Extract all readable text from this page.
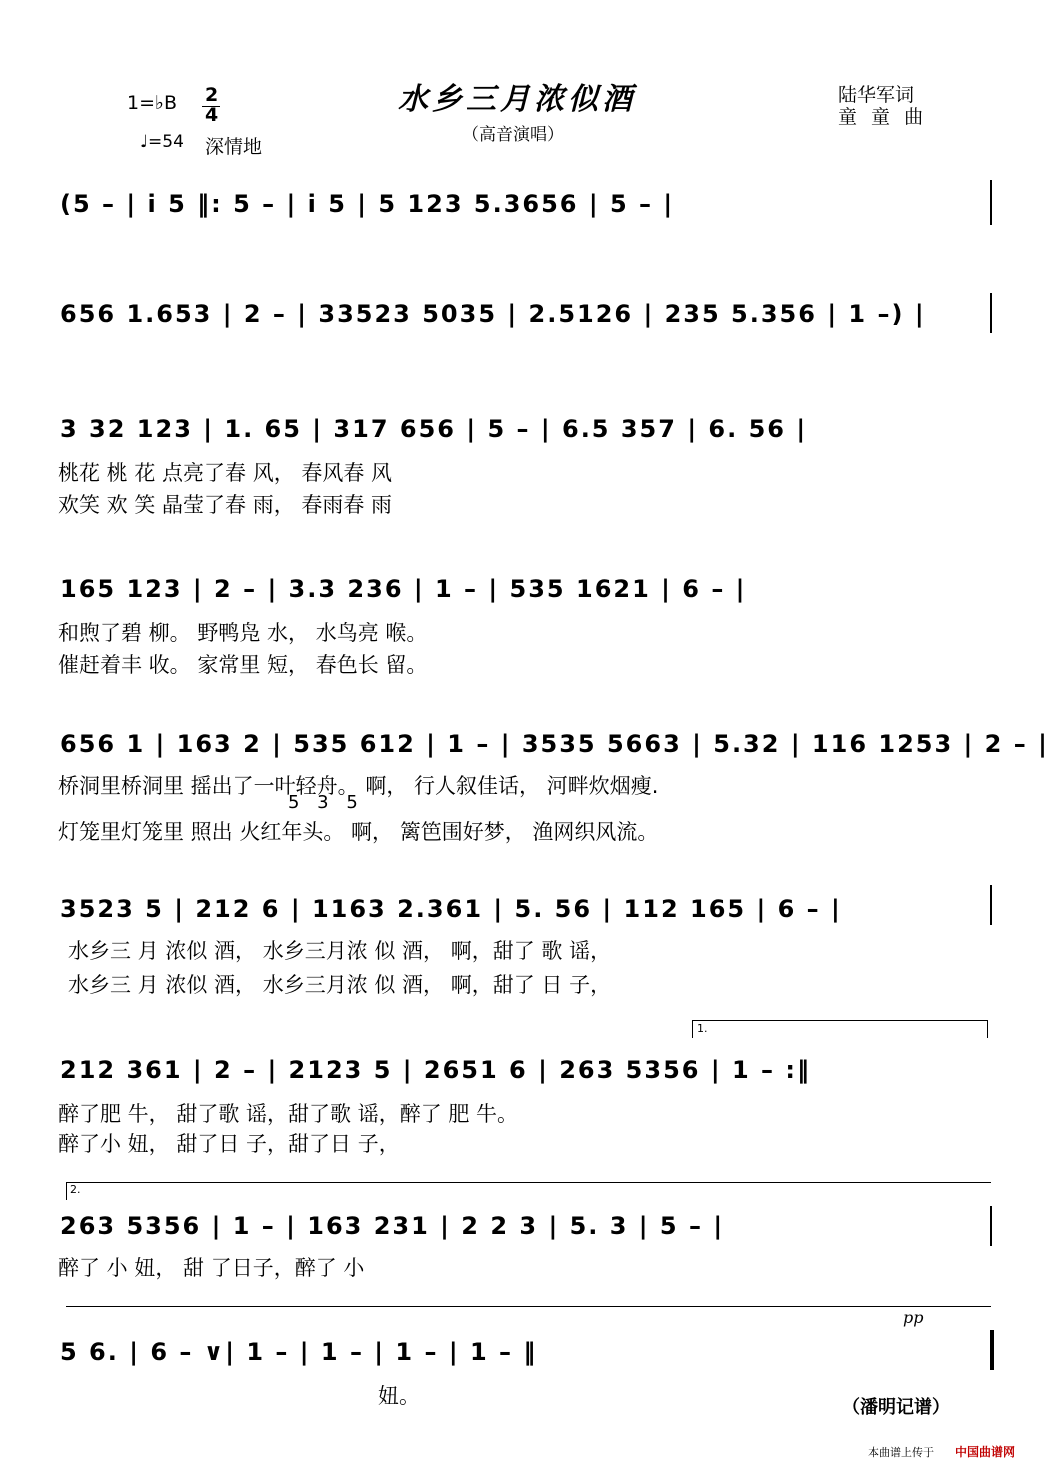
1=♭B 2
4
♩=54 深情地
水乡三月浓似酒
（高音演唱）
陆华军词
童 童 曲
(5 – | i 5 ‖: 5 – | i 5 | 5 123 5.3656 | 5 – |
656 1.653 | 2 – | 33523 5035 | 2.5126 | 235 5.356 | 1 –) |
3 32 123 | 1. 65 | 317 656 | 5 – | 6.5 357 | 6. 56 |
桃花 桃 花 点亮了春 风， 春风春 风
欢笑 欢 笑 晶莹了春 雨， 春雨春 雨
165 123 | 2 – | 3.3 236 | 1 – | 535 1621 | 6 – |
和煦了碧 柳。 野鸭凫 水， 水鸟亮 喉。
催赶着丰 收。 家常里 短， 春色长 留。
656 1 | 163 2 | 535 612 | 1 – | 3535 5663 | 5.32 | 116 1253 | 2 – |
桥洞里桥洞里 摇出了一叶轻舟。 啊， 行人叙佳话， 河畔炊烟瘦.
5 3 5
灯笼里灯笼里 照出 火红年头。 啊， 篱笆围好梦， 渔网织风流。
3523 5 | 212 6 | 1163 2.361 | 5. 56 | 112 165 | 6 – |
水乡三 月 浓似 酒， 水乡三月浓 似 酒， 啊，甜了 歌 谣，
水乡三 月 浓似 酒， 水乡三月浓 似 酒， 啊，甜了 日 子，
1.
212 361 | 2 – | 2123 5 | 2651 6 | 263 5356 | 1 – :‖
醉了肥 牛， 甜了歌 谣，甜了歌 谣，醉了 肥 牛。
醉了小 妞， 甜了日 子，甜了日 子，
2.
263 5356 | 1 – | 163 231 | 2 2 3 | 5. 3 | 5 – |
醉了 小 妞， 甜 了日子，醉了 小
pp
5 6. | 6 – ∨| 1 – | 1 – | 1 – | 1 – ‖
妞。	（潘明记谱）
本曲谱上传于 中国曲谱网
